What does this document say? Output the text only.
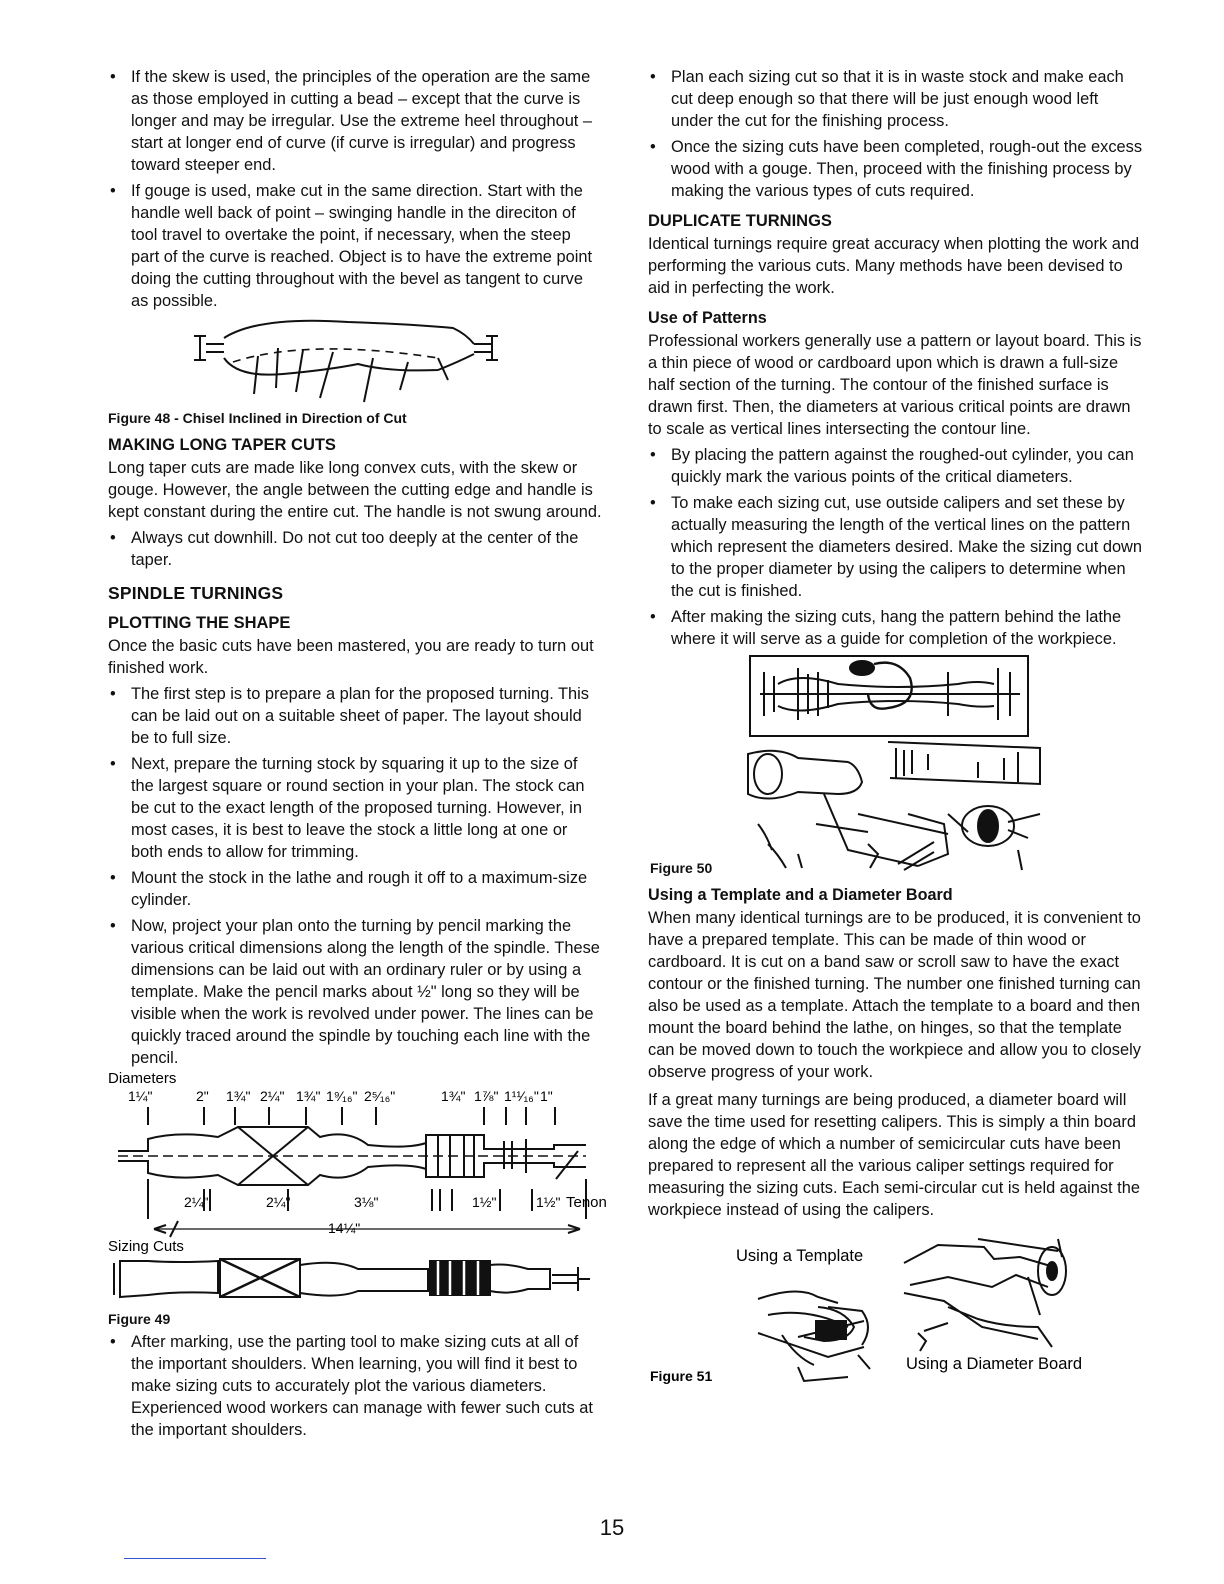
• If the skew is used, the principles of the operation are the same as those employed in cutting a bead – except that the curve is longer and may be irregular. Use the extreme heel throughout – start at longer end of curve (if curve is irregular) and progress toward steeper end.
• If gouge is used, make cut in the same direction. Start with the handle well back of point – swinging handle in the direciton of tool travel to overtake the point, if necessary, when the steep part of the curve is reached. Object is to have the extreme point doing the cutting throughout with the bevel as tangent to curve as possible.
Figure 48 - Chisel Inclined in Direction of Cut
MAKING LONG TAPER CUTS

Long taper cuts are made like long convex cuts, with the skew or gouge. However, the angle between the cutting edge and handle is kept constant during the entire cut. The handle is not swung around.

• Always cut downhill. Do not cut too deeply at the center of the taper.
SPINDLE TURNINGS
PLOTTING THE SHAPE

Once the basic cuts have been mastered, you are ready to turn out finished work.

• The first step is to prepare a plan for the proposed turning. This can be laid out on a suitable sheet of paper. The layout should be to full size.
• Next, prepare the turning stock by squaring it up to the size of the largest square or round section in your plan. The stock can be cut to the exact length of the proposed turning. However, in most cases, it is best to leave the stock a little long at one or both ends to allow for trimming.
• Mount the stock in the lathe and rough it off to a maximum-size cylinder.
• Now, project your plan onto the turning by pencil marking the various critical dimensions along the length of the spindle. These dimensions can be laid out with an ordinary ruler or by using a template. Make the pencil marks about ½" long so they will be visible when the work is revolved under power. The lines can be quickly traced around the spindle by touching each line with the pencil.
Diameters
1¼"	2" 1¾" 2¼" 1¾" 1⁹⁄₁₆" 2⁵⁄₁₆"	1¾" 1⅞" 1¹¹⁄₁₆" 1"
2¼"	2¼"	3⅛"	1½"	1½" Tenon
14¼"
Sizing Cuts
Figure 49
• After marking, use the parting tool to make sizing cuts at all of the important shoulders. When learning, you will find it best to make sizing cuts to accurately plot the various diameters. Experienced wood workers can manage with fewer such cuts at the important shoulders.
• Plan each sizing cut so that it is in waste stock and make each cut deep enough so that there will be just enough wood left under the cut for the finishing process.
• Once the sizing cuts have been completed, rough-out the excess wood with a gouge. Then, proceed with the finishing process by making the various types of cuts required.
DUPLICATE TURNINGS

Identical turnings require great accuracy when plotting the work and performing the various cuts. Many methods have been devised to aid in perfecting the work.

Use of Patterns

Professional workers generally use a pattern or layout board. This is a thin piece of wood or cardboard upon which is drawn a full-size half section of the turning. The contour of the finished surface is drawn first. Then, the diameters at various critical points are drawn to scale as vertical lines intersecting the contour line.

• By placing the pattern against the roughed-out cylinder, you can quickly mark the various points of the critical diameters.
• To make each sizing cut, use outside calipers and set these by actually measuring the length of the vertical lines on the pattern which represent the diameters desired. Make the sizing cut down to the proper diameter by using the calipers to determine when the cut is finished.
• After making the sizing cuts, hang the pattern behind the lathe where it will serve as a guide for completion of the workpiece.
Figure 50
Using a Template and a Diameter Board

When many identical turnings are to be produced, it is convenient to have a prepared template. This can be made of thin wood or cardboard. It is cut on a band saw or scroll saw to have the exact contour or the finished turning. The number one finished turning can also be used as a template. Attach the template to a board and then mount the board behind the lathe, on hinges, so that the template can be moved down to touch the workpiece and allow you to closely observe progress of your work.

If a great many turnings are being produced, a diameter board will save the time used for resetting calipers. This is simply a thin board along the edge of which a number of semicircular cuts have been prepared to represent all the various caliper settings required for measuring the sizing cuts. Each semi-circular cut is held against the workpiece instead of using the calipers.

Using a Template
Using a Diameter Board
Figure 51
15
